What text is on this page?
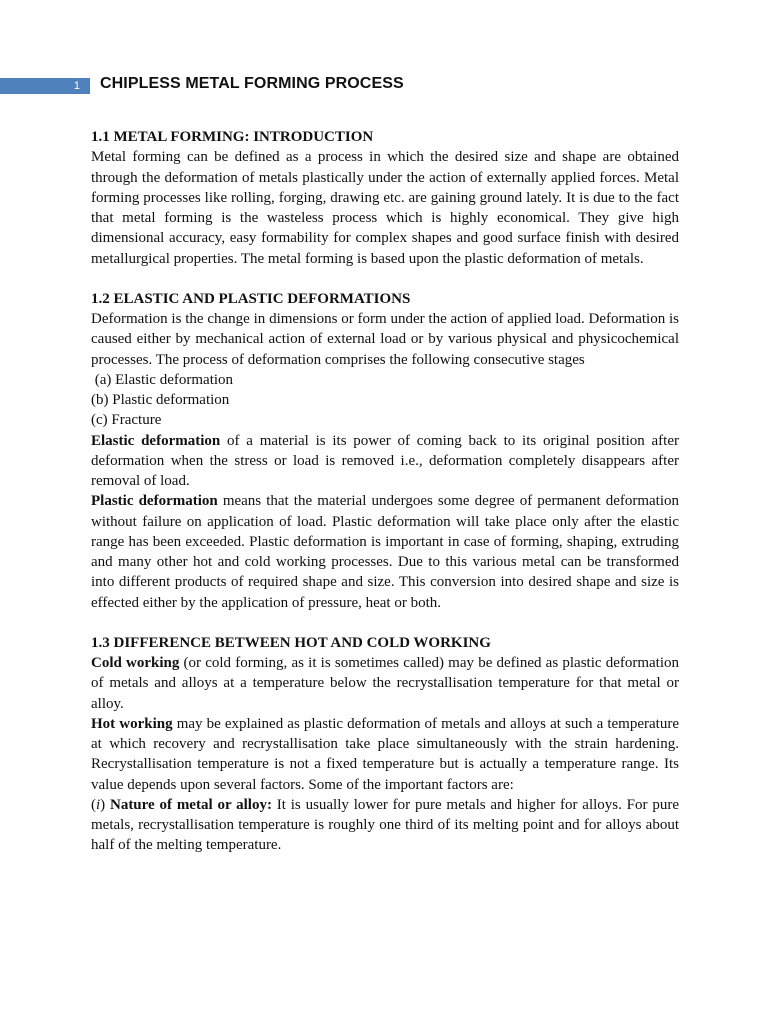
1 CHIPLESS METAL FORMING PROCESS

1.1 METAL FORMING: INTRODUCTION

Metal forming can be defined as a process in which the desired size and shape are obtained through the deformation of metals plastically under the action of externally applied forces. Metal forming processes like rolling, forging, drawing etc. are gaining ground lately. It is due to the fact that metal forming is the wasteless process which is highly economical. They give high dimensional accuracy, easy formability for complex shapes and good surface finish with desired metallurgical properties. The metal forming is based upon the plastic deformation of metals.

1.2 ELASTIC AND PLASTIC DEFORMATIONS

Deformation is the change in dimensions or form under the action of applied load. Deformation is caused either by mechanical action of external load or by various physical and physicochemical processes. The process of deformation comprises the following consecutive stages

(a) Elastic deformation

(b) Plastic deformation

(c) Fracture

Elastic deformation of a material is its power of coming back to its original position after deformation when the stress or load is removed i.e., deformation completely disappears after removal of load.

Plastic deformation means that the material undergoes some degree of permanent deformation without failure on application of load. Plastic deformation will take place only after the elastic range has been exceeded. Plastic deformation is important in case of forming, shaping, extruding and many other hot and cold working processes. Due to this various metal can be transformed into different products of required shape and size. This conversion into desired shape and size is effected either by the application of pressure, heat or both.

1.3 DIFFERENCE BETWEEN HOT AND COLD WORKING

Cold working (or cold forming, as it is sometimes called) may be defined as plastic deformation of metals and alloys at a temperature below the recrystallisation temperature for that metal or alloy.

Hot working may be explained as plastic deformation of metals and alloys at such a temperature at which recovery and recrystallisation take place simultaneously with the strain hardening. Recrystallisation temperature is not a fixed temperature but is actually a temperature range. Its value depends upon several factors. Some of the important factors are:

(i) Nature of metal or alloy: It is usually lower for pure metals and higher for alloys. For pure metals, recrystallisation temperature is roughly one third of its melting point and for alloys about half of the melting temperature.
